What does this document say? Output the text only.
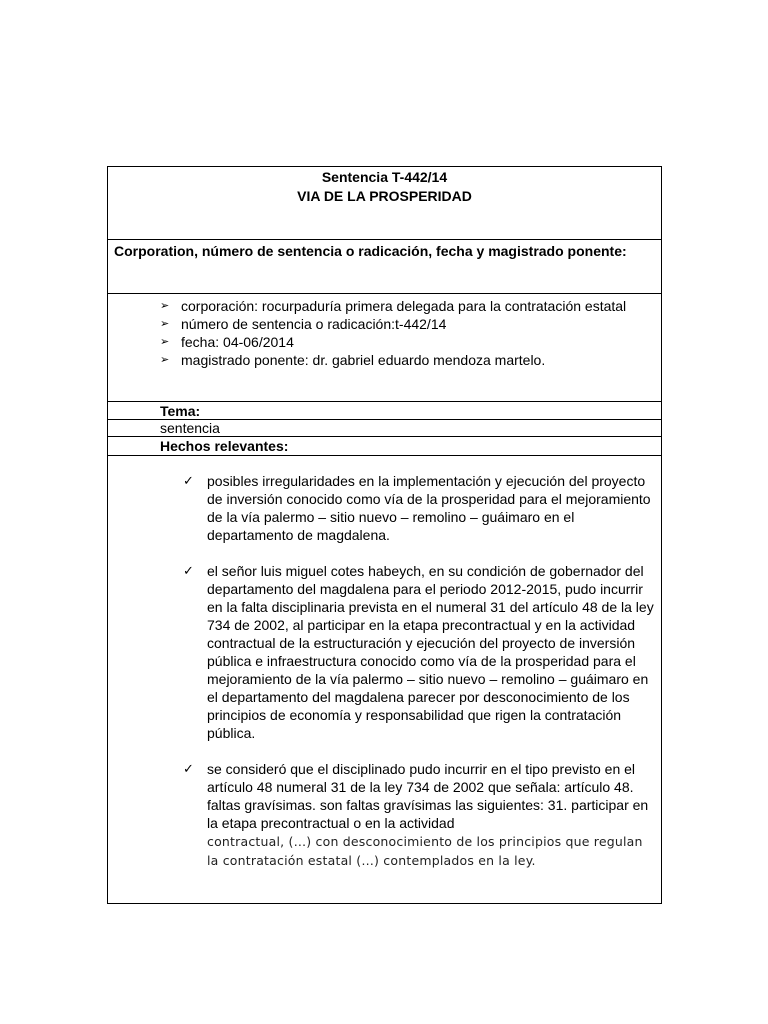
Sentencia T-442/14
VIA DE LA PROSPERIDAD
Corporation, número de sentencia o radicación, fecha y magistrado ponente:
➢ corporación: rocurpaduría primera delegada para la contratación estatal
➢ número de sentencia o radicación:t-442/14
➢ fecha: 04-06/2014
➢ magistrado ponente: dr. gabriel eduardo mendoza martelo.
Tema:
sentencia
Hechos relevantes:
✓ posibles irregularidades en la implementación y ejecución del proyecto de inversión conocido como vía de la prosperidad para el mejoramiento de la vía palermo – sitio nuevo – remolino – guáimaro en el departamento de magdalena.
✓ el señor luis miguel cotes habeych, en su condición de gobernador del departamento del magdalena para el periodo 2012-2015, pudo incurrir en la falta disciplinaria prevista en el numeral 31 del artículo 48 de la ley 734 de 2002, al participar en la etapa precontractual y en la actividad contractual de la estructuración y ejecución del proyecto de inversión pública e infraestructura conocido como vía de la prosperidad para el mejoramiento de la vía palermo – sitio nuevo – remolino – guáimaro en el departamento del magdalena parecer por desconocimiento de los principios de economía y responsabilidad que rigen la contratación pública.
✓ se consideró que el disciplinado pudo incurrir en el tipo previsto en el artículo 48 numeral 31 de la ley 734 de 2002 que señala: artículo 48. faltas gravísimas. son faltas gravísimas las siguientes: 31. participar en la etapa precontractual o en la actividad
contractual, (…) con desconocimiento de los principios que regulan la contratación estatal (…) contemplados en la ley.
